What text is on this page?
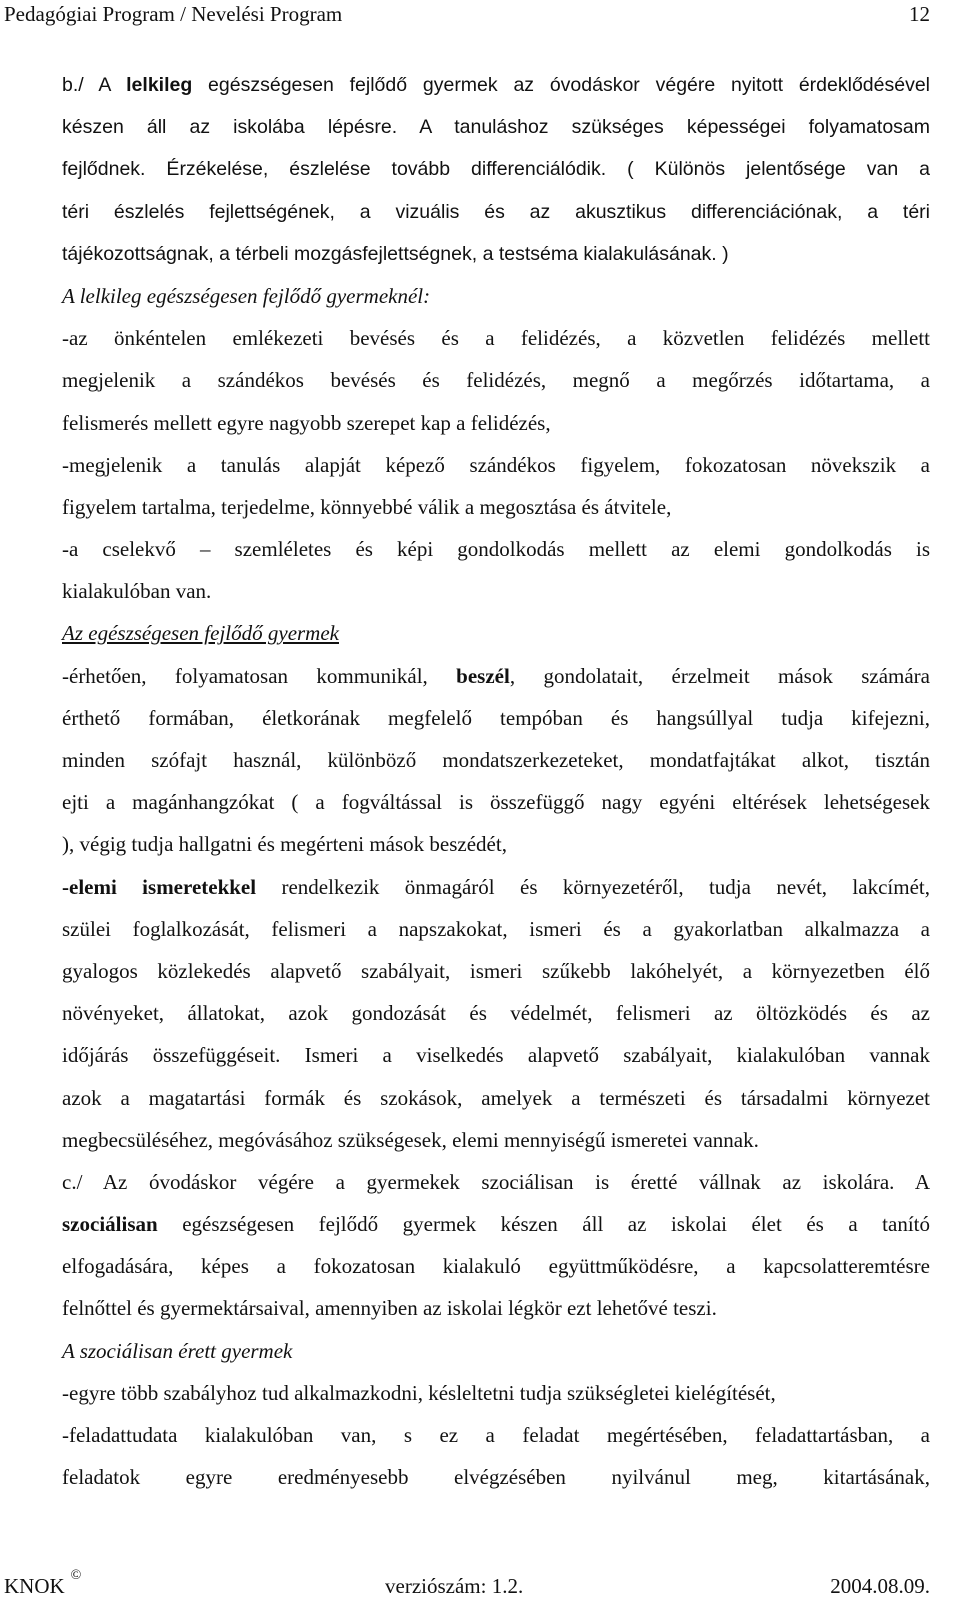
Pedagógiai Program / Nevelési Program	12
b./ A lelkileg egészségesen fejlődő gyermek az óvodáskor végére nyitott érdeklődésével
készen áll az iskolába lépésre. A tanuláshoz szükséges képességei folyamatosam
fejlődnek. Érzékelése, észlelése tovább differenciálódik. ( Különös jelentősége van a
téri észlelés fejlettségének, a vizuális és az akusztikus differenciációnak, a téri
tájékozottságnak, a térbeli mozgásfejlettségnek, a testséma kialakulásának. )
A lelkileg egészségesen fejlődő gyermeknél:
-az önkéntelen emlékezeti bevésés és a felidézés, a közvetlen felidézés mellett
megjelenik a szándékos bevésés és felidézés, megnő a megőrzés időtartama, a
felismerés mellett egyre nagyobb szerepet kap a felidézés,
-megjelenik a tanulás alapját képező szándékos figyelem, fokozatosan növekszik a
figyelem tartalma, terjedelme, könnyebbé válik a megosztása és átvitele,
-a cselekvő – szemléletes és képi gondolkodás mellett az elemi gondolkodás is
kialakulóban van.
Az egészségesen fejlődő gyermek
-érhetően, folyamatosan kommunikál, beszél, gondolatait, érzelmeit mások számára
érthető formában, életkorának megfelelő tempóban és hangsúllyal tudja kifejezni,
minden szófajt használ, különböző mondatszerkezeteket, mondatfajtákat alkot, tisztán
ejti a magánhangzókat ( a fogváltással is összefüggő nagy egyéni eltérések lehetségesek
), végig tudja hallgatni és megérteni mások beszédét,
-elemi ismeretekkel rendelkezik önmagáról és környezetéről, tudja nevét, lakcímét,
szülei foglalkozását, felismeri a napszakokat, ismeri és a gyakorlatban alkalmazza a
gyalogos közlekedés alapvető szabályait, ismeri szűkebb lakóhelyét, a környezetben élő
növényeket, állatokat, azok gondozását és védelmét, felismeri az öltözködés és az
időjárás összefüggéseit. Ismeri a viselkedés alapvető szabályait, kialakulóban vannak
azok a magatartási formák és szokások, amelyek a természeti és társadalmi környezet
megbecsüléséhez, megóvásához szükségesek, elemi mennyiségű ismeretei vannak.
c./ Az óvodáskor végére a gyermekek szociálisan is éretté vállnak az iskolára. A
szociálisan egészségesen fejlődő gyermek készen áll az iskolai élet és a tanító
elfogadására, képes a fokozatosan kialakuló együttműködésre, a kapcsolatteremtésre
felnőttel és gyermektársaival, amennyiben az iskolai légkör ezt lehetővé teszi.
A szociálisan érett gyermek
-egyre több szabályhoz tud alkalmazkodni, késleltetni tudja szükségletei kielégítését,
-feladattudata kialakulóban van, s ez a feladat megértésében, feladattartásban, a
feladatok egyre eredményesebb elvégzésében nyilvánul meg, kitartásának,
KNOK ©	verziószám: 1.2.	2004.08.09.
